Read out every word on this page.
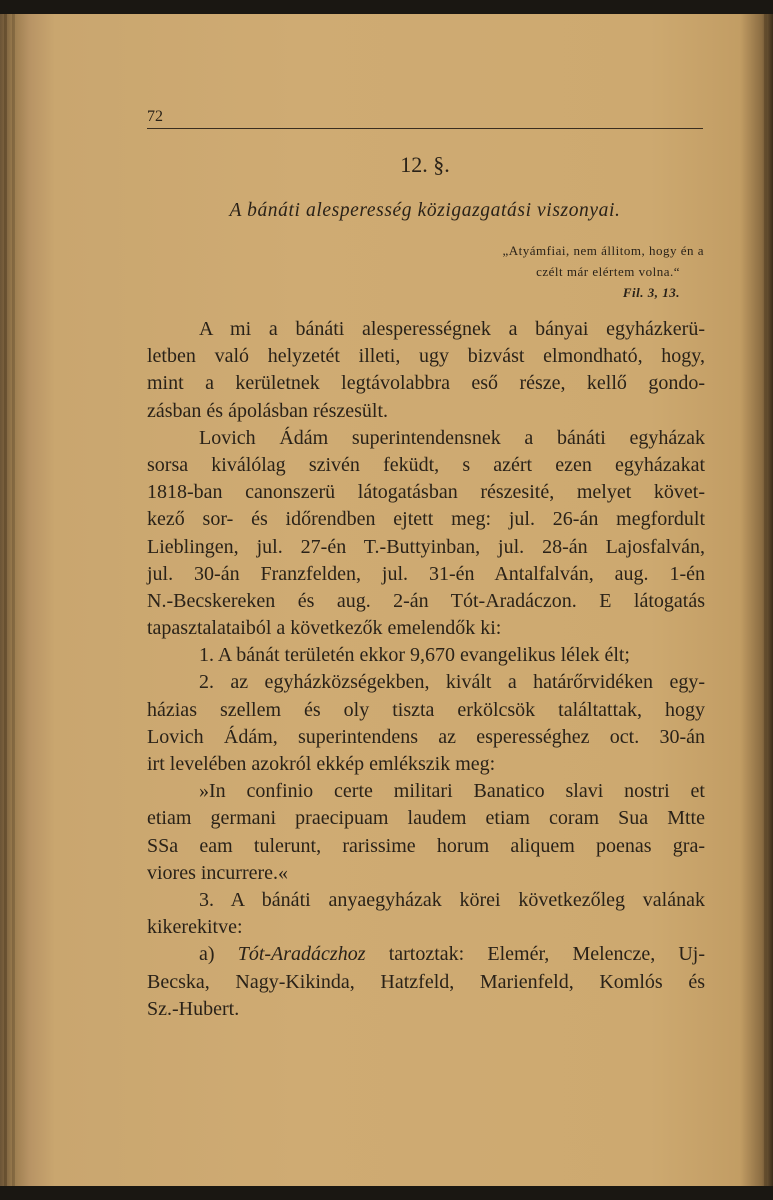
72
12. §.
A bánáti alesperesség közigazgatási viszonyai.
„Atyámfiai, nem állitom, hogy én a
czélt már elértem volna.“
Fil. 3, 13.
A mi a bánáti alesperességnek a bányai egyházkerü-
letben való helyzetét illeti, ugy bizvást elmondható, hogy,
mint a kerületnek legtávolabbra eső része, kellő gondo-
zásban és ápolásban részesült.
Lovich Ádám superintendensnek a bánáti egyházak
sorsa kiválólag szivén feküdt, s azért ezen egyházakat
1818-ban canonszerü látogatásban részesité, melyet követ-
kező sor- és időrendben ejtett meg: jul. 26-án megfordult
Lieblingen, jul. 27-én T.-Buttyinban, jul. 28-án Lajosfalván,
jul. 30-án Franzfelden, jul. 31-én Antalfalván, aug. 1-én
N.-Becskereken és aug. 2-án Tót-Aradáczon. E látogatás
tapasztalataiból a következők emelendők ki:
1. A bánát területén ekkor 9,670 evangelikus lélek élt;
2. az egyházközségekben, kivált a határőrvidéken egy-
házias szellem és oly tiszta erkölcsök találtattak, hogy
Lovich Ádám, superintendens az esperességhez oct. 30-án
irt levelében azokról ekkép emlékszik meg:
»In confinio certe militari Banatico slavi nostri et
etiam germani praecipuam laudem etiam coram Sua Mtte
SSa eam tulerunt, rarissime horum aliquem poenas gra-
viores incurrere.«
3. A bánáti anyaegyházak körei következőleg valának
kikerekitve:
a) Tót-Aradáczhoz tartoztak: Elemér, Melencze, Uj-
Becska, Nagy-Kikinda, Hatzfeld, Marienfeld, Komlós és
Sz.-Hubert.
